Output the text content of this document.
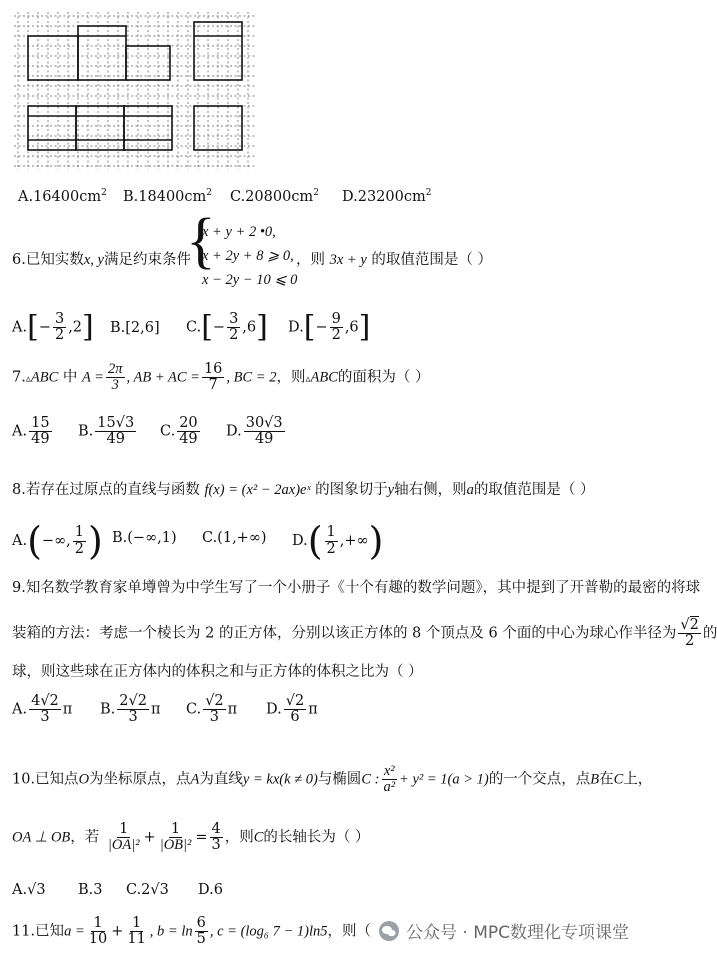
$A.16400cm^2$ $B.18400cm^2$ $C.20800cm^2$ $D.23200cm^2$
6.已知实数x, y满足约束条件
{
x + y + 2 •0,
x + 2y + 8 ⩾ 0,
x − 2y − 10 ⩽ 0
，则 3x + y 的取值范围是（ ）
$A.[- \frac{3}{2} ,2]$ B.[2,6] $C.[- \frac{3}{2} ,6]$ $D.[- \frac{9}{2} ,6]$
7.▵ABC 中 $A = \frac{2\pi}{3}$ , AB + AC = $\frac{16}{7}$ , BC = 2，则▵ABC的面积为（ ）
A. $\frac{15}{49} B$. $\frac{15√3}{49} C$. $\frac{20}{49} D$. $\frac{30√3}{49}$
8.若存在过原点的直线与函数 f(x) = (x² − 2ax)eˣ 的图象切于y轴右侧，则a的取值范围是（ ）
A.(−∞, $\frac{1}{2}$ ) B.(−∞,1) C.(1,+∞) $D.( \frac{1}{2}$ ,+∞)
9.知名数学教育家单墫曾为中学生写了一个小册子《十个有趣的数学问题》，其中提到了开普勒的最密的将球
装箱的方法：考虑一个棱长为 2 的正方体，分别以该正方体的 8 个顶点及 6 个面的中心为球心作半径为 $\frac{√2}{2}$ 的
球，则这些球在正方体内的体积之和与正方体的体积之比为（ ）
A. $\frac{4√2}{3}$ π B. $\frac{2√2}{3}$ π C. $\frac{√2}{3}$ π D. $\frac{√2}{6}$ π
10.已知点O为坐标原点，点A为直线y = kx(k ≠ 0)与椭圆C : $\frac{\text{x²}}{\text{a²}} + y^2 = 1(a > 1)$的一个交点，点B在C上，
OA ⊥ OB，若 $\frac{1}{\text{|OA|²}} + \frac{1}{\text{|OB|²}} = \frac{4}{3}$ ，则C的长轴长为（ ）
A.√3 B.3 C.2√3 D.6
11.已知$a = \frac{1}{10} + \frac{1}{11}$ , $b = \ln \frac{6}{5}$ , c = (log₆ 7 − 1)ln5，则（ 公众号 · MPC数理化专项课堂
